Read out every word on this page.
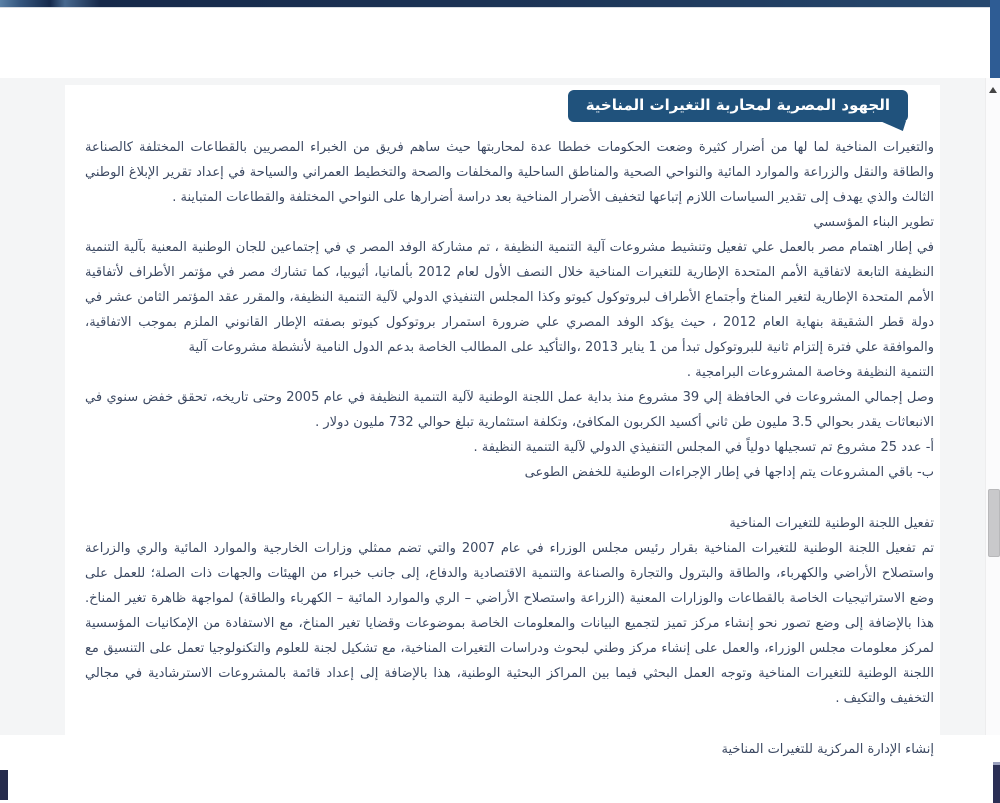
الجهود المصرية لمحاربة التغيرات المناخية

والتغيرات المناخية لما لها من أضرار كثيرة وضعت الحكومات خططا عدة لمحاربتها حيث ساهم فريق من الخبراء المصريين بالقطاعات المختلفة كالصناعة والطاقة والنقل والزراعة والموارد المائية والنواحي الصحية والمناطق الساحلية والمخلفات والصحة والتخطيط العمراني والسياحة في إعداد تقرير الإبلاغ الوطني الثالث والذي يهدف إلى تقدير السياسات اللازم إتباعها لتخفيف الأضرار المناخية بعد دراسة أضرارها على النواحي المختلفة والقطاعات المتباينة .

تطوير البناء المؤسسي

في إطار اهتمام مصر بالعمل علي تفعيل وتنشيط مشروعات آلية التنمية النظيفة ، تم مشاركة الوفد المصر ي في إجتماعين للجان الوطنية المعنية بآلية التنمية النظيفة التابعة لاتفاقية الأمم المتحدة الإطارية للتغيرات المناخية خلال النصف الأول لعام 2012 بألمانيا، أثيوبيا، كما تشارك مصر في مؤتمر الأطراف لأتفاقية الأمم المتحدة الإطارية لتغير المناخ وأجتماع الأطراف لبروتوكول كيوتو وكذا المجلس التنفيذي الدولي لآلية التنمية النظيفة، والمقرر عقد المؤتمر الثامن عشر في دولة قطر الشقيقة بنهاية العام 2012 ، حيث يؤكد الوفد المصري علي ضرورة استمرار بروتوكول كيوتو بصفته الإطار القانوني الملزم بموجب الاتفاقية، والموافقة علي فترة إلتزام ثانية للبروتوكول تبدأ من 1 يناير 2013 ،والتأكيد على المطالب الخاصة بدعم الدول النامية لأنشطة مشروعات آلية

التنمية النظيفة وخاصة المشروعات البرامجية .

وصل إجمالي المشروعات في الحافظة إلي 39 مشروع منذ بداية عمل اللجنة الوطنية لآلية التنمية النظيفة في عام 2005 وحتى تاريخه، تحقق خفض سنوي في الانبعاثات يقدر بحوالي 3.5 مليون طن ثاني أكسيد الكربون المكافئ، وتكلفة استثمارية تبلغ حوالي 732 مليون دولار .

أ- عدد 25 مشروع تم تسجيلها دولياً في المجلس التنفيذي الدولي لآلية التنمية النظيفة .

ب- باقي المشروعات يتم إداجها في إطار الإجراءات الوطنية للخفض الطوعى

تفعيل اللجنة الوطنية للتغيرات المناخية

تم تفعيل اللجنة الوطنية للتغيرات المناخية بقرار رئيس مجلس الوزراء في عام 2007 والتي تضم ممثلي وزارات الخارجية والموارد المائية والري والزراعة واستصلاح الأراضي والكهرباء، والطاقة والبترول والتجارة والصناعة والتنمية الاقتصادية والدفاع، إلى جانب خبراء من الهيئات والجهات ذات الصلة؛ للعمل على وضع الاستراتيجيات الخاصة بالقطاعات والوزارات المعنية (الزراعة واستصلاح الأراضي – الري والموارد المائية – الكهرباء والطاقة) لمواجهة ظاهرة تغير المناخ. هذا بالإضافة إلى وضع تصور نحو إنشاء مركز تميز لتجميع البيانات والمعلومات الخاصة بموضوعات وقضايا تغير المناخ، مع الاستفادة من الإمكانيات المؤسسية لمركز معلومات مجلس الوزراء، والعمل على إنشاء مركز وطني لبحوث ودراسات التغيرات المناخية، مع تشكيل لجنة للعلوم والتكنولوجيا تعمل على التنسيق مع اللجنة الوطنية للتغيرات المناخية وتوجه العمل البحثي فيما بين المراكز البحثية الوطنية، هذا بالإضافة إلى إعداد قائمة بالمشروعات الاسترشادية في مجالي التخفيف والتكيف .

إنشاء الإدارة المركزية للتغيرات المناخية
